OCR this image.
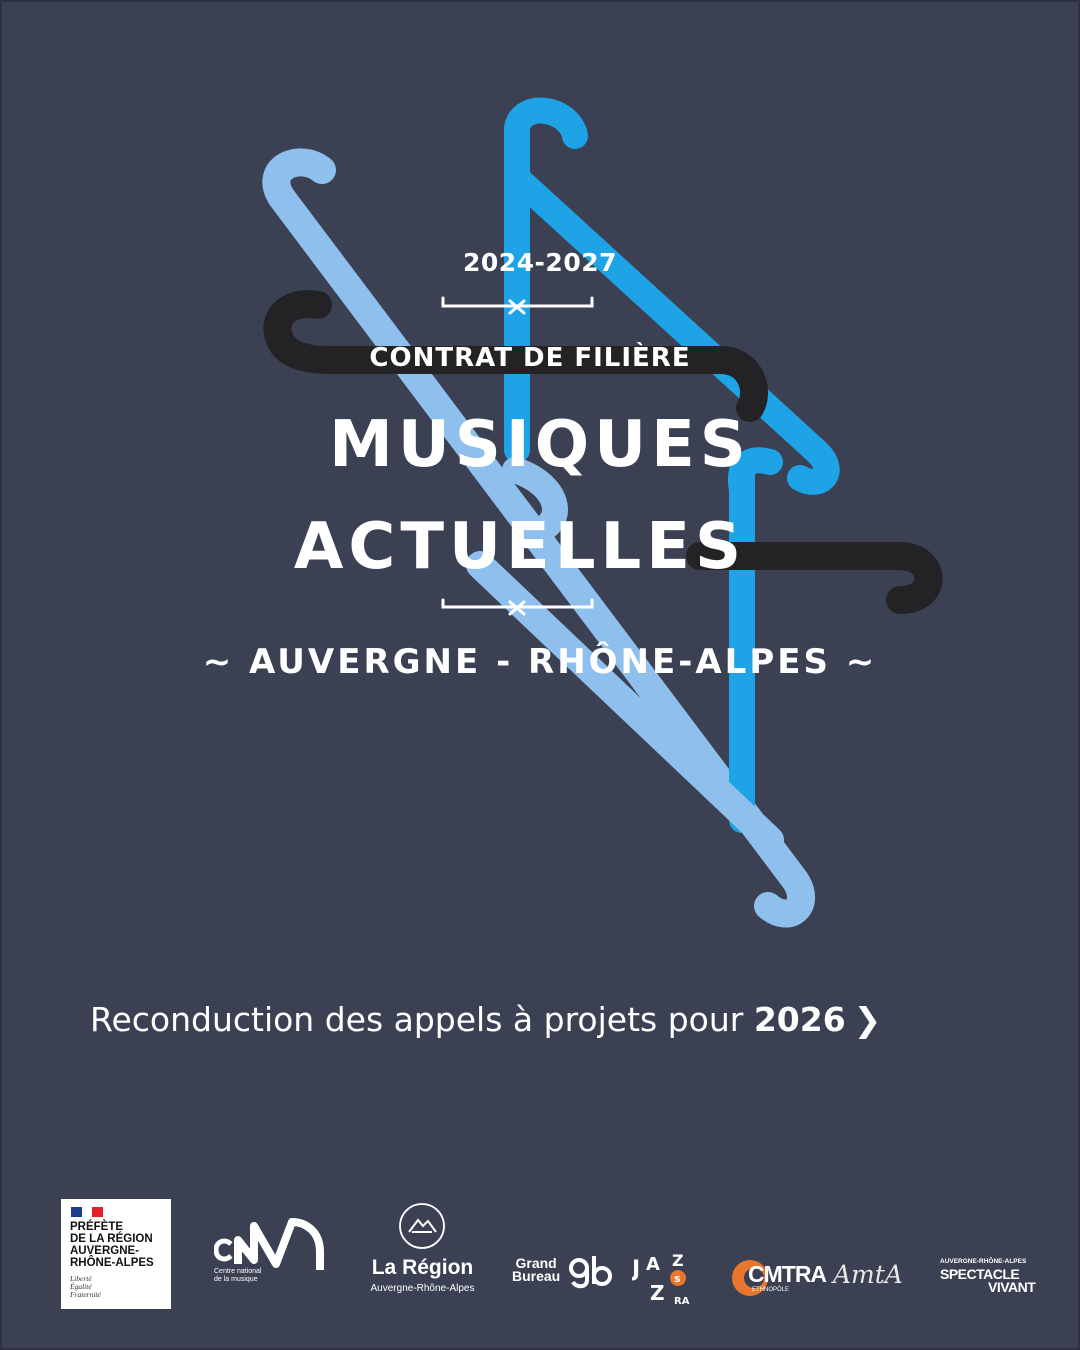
2024-2027
CONTRAT DE FILIÈRE
MUSIQUES
ACTUELLES
~ AUVERGNE - RHÔNE-ALPES ~
Reconduction des appels à projets pour 2026 ❯
PRÉFÈTE
DE LA RÉGION
AUVERGNE-
RHÔNE-ALPES
Liberté
Égalité
Fraternité
Centre national
de la musique
La Région
Auvergne-Rhône-Alpes
Grand
Bureau	J A Z
s
Z RA
CMTRA
ETHNOPÔLE
AmtA	AUVERGNE-RHÔNE-ALPES
SPECTACLE
VIVANT
